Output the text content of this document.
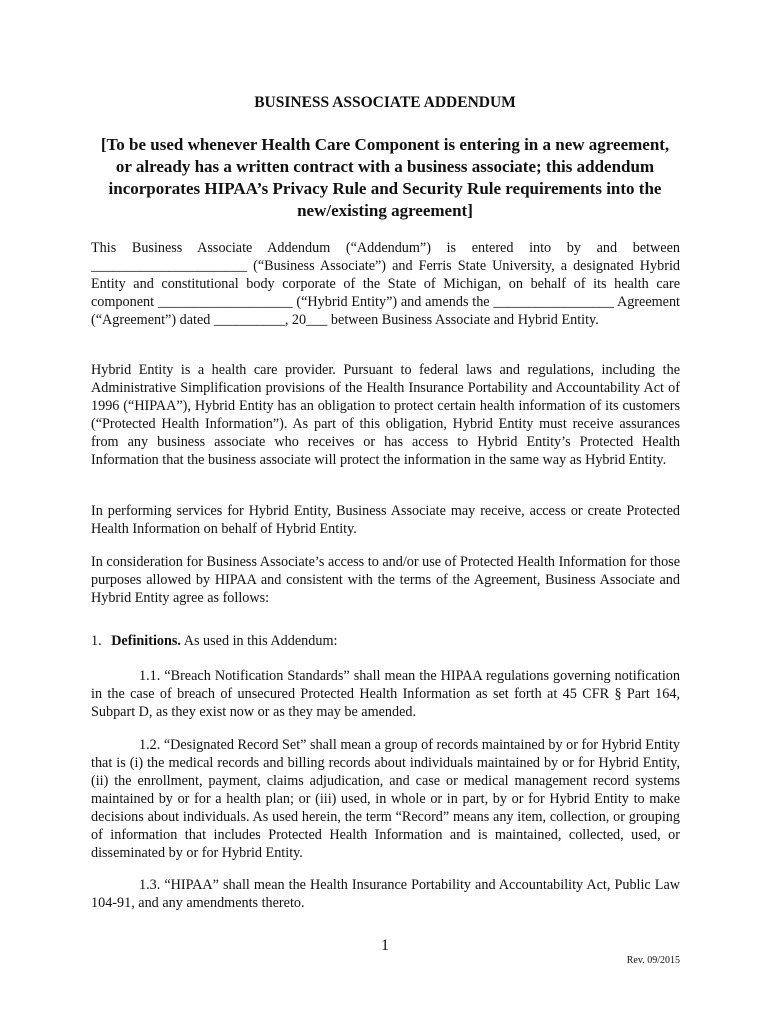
BUSINESS ASSOCIATE ADDENDUM
[To be used whenever Health Care Component is entering in a new agreement, or already has a written contract with a business associate; this addendum incorporates HIPAA’s Privacy Rule and Security Rule requirements into the new/existing agreement]
This Business Associate Addendum (“Addendum”) is entered into by and between ______________________ (“Business Associate”) and Ferris State University, a designated Hybrid Entity and constitutional body corporate of the State of Michigan, on behalf of its health care component ___________________ (“Hybrid Entity”) and amends the _________________ Agreement (“Agreement”) dated __________, 20___ between Business Associate and Hybrid Entity.
Hybrid Entity is a health care provider. Pursuant to federal laws and regulations, including the Administrative Simplification provisions of the Health Insurance Portability and Accountability Act of 1996 (“HIPAA”), Hybrid Entity has an obligation to protect certain health information of its customers (“Protected Health Information”). As part of this obligation, Hybrid Entity must receive assurances from any business associate who receives or has access to Hybrid Entity’s Protected Health Information that the business associate will protect the information in the same way as Hybrid Entity.
In performing services for Hybrid Entity, Business Associate may receive, access or create Protected Health Information on behalf of Hybrid Entity.
In consideration for Business Associate’s access to and/or use of Protected Health Information for those purposes allowed by HIPAA and consistent with the terms of the Agreement, Business Associate and Hybrid Entity agree as follows:
1. Definitions. As used in this Addendum:
1.1. “Breach Notification Standards” shall mean the HIPAA regulations governing notification in the case of breach of unsecured Protected Health Information as set forth at 45 CFR § Part 164, Subpart D, as they exist now or as they may be amended.
1.2. “Designated Record Set” shall mean a group of records maintained by or for Hybrid Entity that is (i) the medical records and billing records about individuals maintained by or for Hybrid Entity, (ii) the enrollment, payment, claims adjudication, and case or medical management record systems maintained by or for a health plan; or (iii) used, in whole or in part, by or for Hybrid Entity to make decisions about individuals. As used herein, the term “Record” means any item, collection, or grouping of information that includes Protected Health Information and is maintained, collected, used, or disseminated by or for Hybrid Entity.
1.3. “HIPAA” shall mean the Health Insurance Portability and Accountability Act, Public Law 104-91, and any amendments thereto.
1
Rev. 09/2015
